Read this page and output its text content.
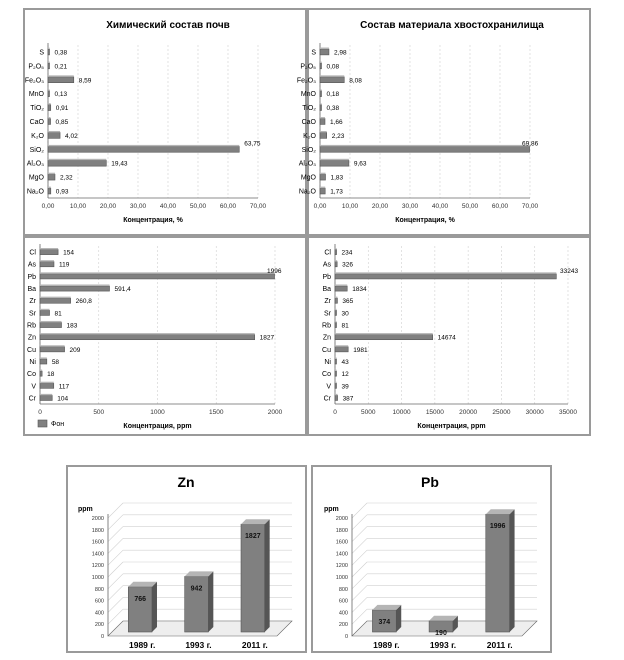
Химический состав почв
0,00 10,00 20,00 30,00 40,00 50,00 60,00 70,00
Концентрация, %
S 0,38
P₂O₅ 0,21
Fe₂O₃	8,59
MnO 0,13
TiO₂ 0,91
CaO 0,85
K₂O	4,02
SiO₂
63,75
Al₂O₃	19,43
MgO 2,32
Na₂O 0,93
Состав материала хвостохранилища
0,00 10,00 20,00 30,00 40,00 50,00 60,00 70,00
Концентрация, %
S	2,98
P₂O₅ 0,08
Fe₂O₃	8,08
MnO 0,18
TiO₂ 0,38
CaO 1,66
K₂O 2,23
SiO₂
69,86
Al₂O₃	9,63
MgO 1,83
Na₂O 1,73
0	500	1000	1500	2000
Концентрация, ppm
Cl	154
As	119
Pb
1996
Ba	591,4
Zr	260,8
Sr	81
Rb	183
Zn	1827
Cu	209
Ni 58
Co 18
V	117
Cr	104
Фон
0	5000	10000 15000 20000 25000 30000 35000
Концентрация, ppm
Cl 234
As 326
Pb
33243
Ba	1834
Zr 365
Sr 30
Rb 81
Zn	14674
Cu	1981
Ni 43
Co 12
V 39
Cr 387
Zn
ppm
0
200
400
600
800
1000
1200
1400
1600
1800
2000
766
1989 г.
942
1993 г.
1827
2011 г.
Pb
ppm
0
200
400
600
800
1000
1200
1400
1600
1800
2000
374
1989 г.
190
1993 г.
1996
2011 г.
